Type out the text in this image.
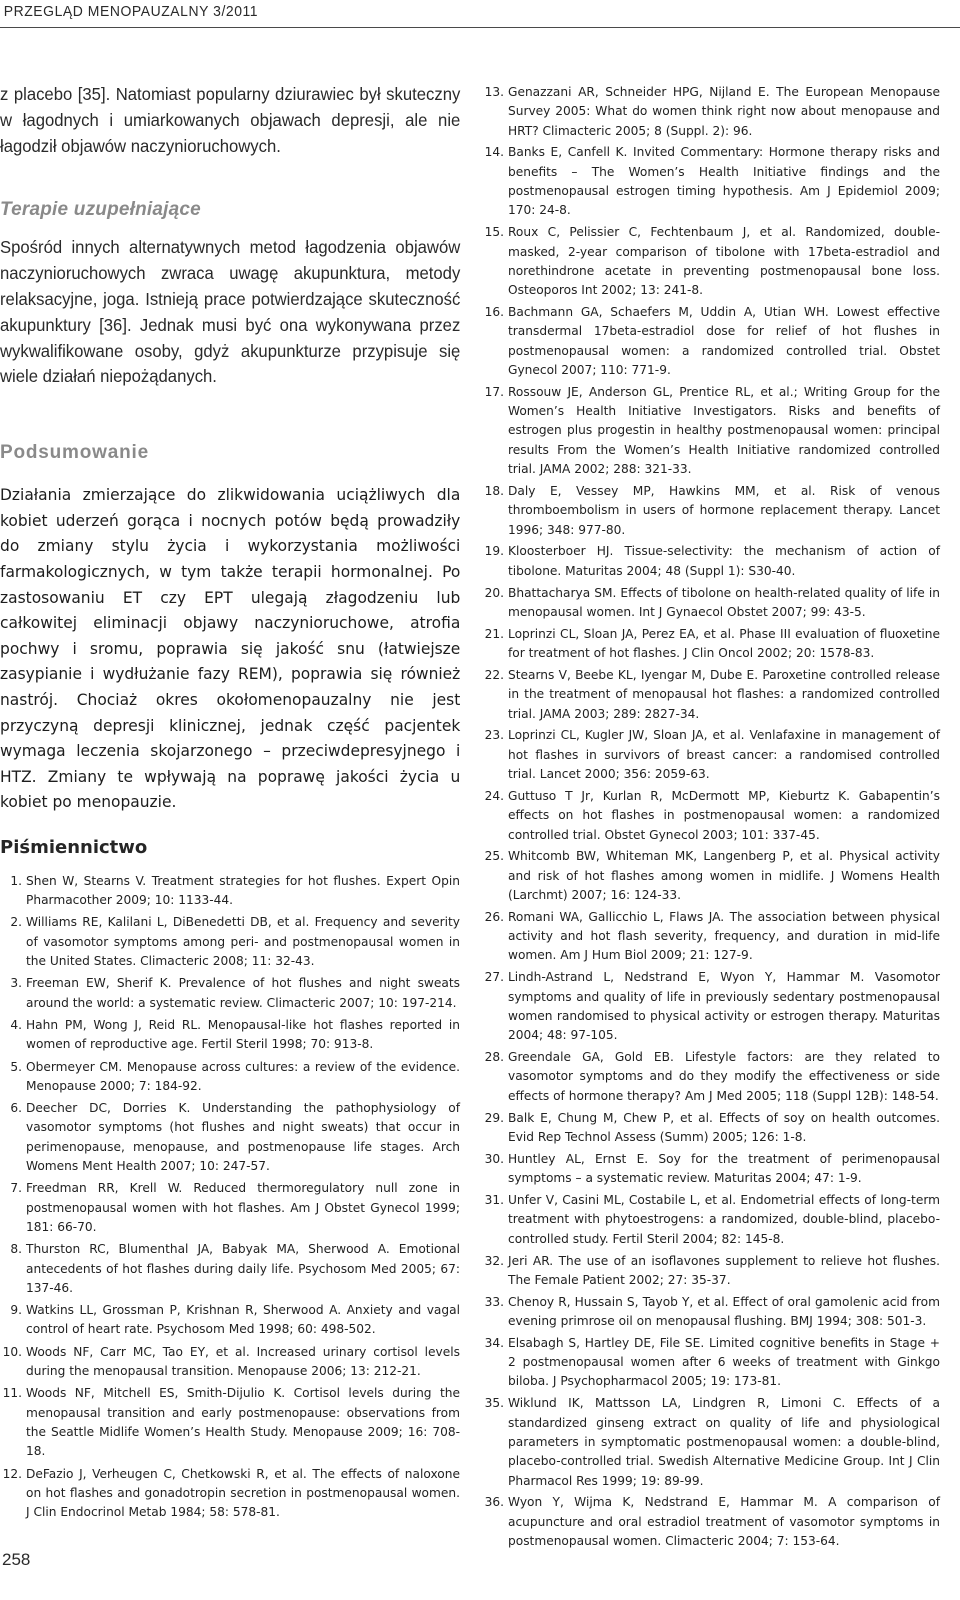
PRZEGLĄD MENOPAUZALNY 3/2011

z placebo [35]. Natomiast popularny dziurawiec był skuteczny w łagodnych i umiarkowanych objawach depresji, ale nie łagodził objawów naczynioruchowych.

Terapie uzupełniające

Spośród innych alternatywnych metod łagodzenia objawów naczynioruchowych zwraca uwagę akupunktura, metody relaksacyjne, joga. Istnieją prace potwierdzające skuteczność akupunktury [36]. Jednak musi być ona wykonywana przez wykwalifikowane osoby, gdyż akupunkturze przypisuje się wiele działań niepożądanych.

Podsumowanie

Działania zmierzające do zlikwidowania uciążliwych dla kobiet uderzeń gorąca i nocnych potów będą prowadziły do zmiany stylu życia i wykorzystania możliwości farmakologicznych, w tym także terapii hormonalnej. Po zastosowaniu ET czy EPT ulegają złagodzeniu lub całkowitej eliminacji objawy naczynioruchowe, atrofia pochwy i sromu, poprawia się jakość snu (łatwiejsze zasypianie i wydłużanie fazy REM), poprawia się również nastrój. Chociaż okres okołomenopauzalny nie jest przyczyną depresji klinicznej, jednak część pacjentek wymaga leczenia skojarzonego – przeciwdepresyjnego i HTZ. Zmiany te wpływają na poprawę jakości życia u kobiet po menopauzie.

Piśmiennictwo
1. Shen W, Stearns V. Treatment strategies for hot flushes. Expert Opin Pharmacother 2009; 10: 1133-44.
2. Williams RE, Kalilani L, DiBenedetti DB, et al. Frequency and severity of vasomotor symptoms among peri- and postmenopausal women in the United States. Climacteric 2008; 11: 32-43.
3. Freeman EW, Sherif K. Prevalence of hot flushes and night sweats around the world: a systematic review. Climacteric 2007; 10: 197-214.
4. Hahn PM, Wong J, Reid RL. Menopausal-like hot flashes reported in women of reproductive age. Fertil Steril 1998; 70: 913-8.
5. Obermeyer CM. Menopause across cultures: a review of the evidence. Menopause 2000; 7: 184-92.
6. Deecher DC, Dorries K. Understanding the pathophysiology of vasomotor symptoms (hot flushes and night sweats) that occur in perimenopause, menopause, and postmenopause life stages. Arch Womens Ment Health 2007; 10: 247-57.
7. Freedman RR, Krell W. Reduced thermoregulatory null zone in postmenopausal women with hot flashes. Am J Obstet Gynecol 1999; 181: 66-70.
8. Thurston RC, Blumenthal JA, Babyak MA, Sherwood A. Emotional antecedents of hot flashes during daily life. Psychosom Med 2005; 67: 137-46.
9. Watkins LL, Grossman P, Krishnan R, Sherwood A. Anxiety and vagal control of heart rate. Psychosom Med 1998; 60: 498-502.
10. Woods NF, Carr MC, Tao EY, et al. Increased urinary cortisol levels during the menopausal transition. Menopause 2006; 13: 212-21.
11. Woods NF, Mitchell ES, Smith-Dijulio K. Cortisol levels during the menopausal transition and early postmenopause: observations from the Seattle Midlife Women’s Health Study. Menopause 2009; 16: 708-18.
12. DeFazio J, Verheugen C, Chetkowski R, et al. The effects of naloxone on hot flashes and gonadotropin secretion in postmenopausal women. J Clin Endocrinol Metab 1984; 58: 578-81.
13. Genazzani AR, Schneider HPG, Nijland E. The European Menopause Survey 2005: What do women think right now about menopause and HRT? Climacteric 2005; 8 (Suppl. 2): 96.
14. Banks E, Canfell K. Invited Commentary: Hormone therapy risks and benefits – The Women’s Health Initiative findings and the postmenopausal estrogen timing hypothesis. Am J Epidemiol 2009; 170: 24-8.
15. Roux C, Pelissier C, Fechtenbaum J, et al. Randomized, double-masked, 2-year comparison of tibolone with 17beta-estradiol and norethindrone acetate in preventing postmenopausal bone loss. Osteoporos Int 2002; 13: 241-8.
16. Bachmann GA, Schaefers M, Uddin A, Utian WH. Lowest effective transdermal 17beta-estradiol dose for relief of hot flushes in postmenopausal women: a randomized controlled trial. Obstet Gynecol 2007; 110: 771-9.
17. Rossouw JE, Anderson GL, Prentice RL, et al.; Writing Group for the Women’s Health Initiative Investigators. Risks and benefits of estrogen plus progestin in healthy postmenopausal women: principal results From the Women’s Health Initiative randomized controlled trial. JAMA 2002; 288: 321-33.
18. Daly E, Vessey MP, Hawkins MM, et al. Risk of venous thromboembolism in users of hormone replacement therapy. Lancet 1996; 348: 977-80.
19. Kloosterboer HJ. Tissue-selectivity: the mechanism of action of tibolone. Maturitas 2004; 48 (Suppl 1): S30-40.
20. Bhattacharya SM. Effects of tibolone on health-related quality of life in menopausal women. Int J Gynaecol Obstet 2007; 99: 43-5.
21. Loprinzi CL, Sloan JA, Perez EA, et al. Phase III evaluation of fluoxetine for treatment of hot flashes. J Clin Oncol 2002; 20: 1578-83.
22. Stearns V, Beebe KL, Iyengar M, Dube E. Paroxetine controlled release in the treatment of menopausal hot flashes: a randomized controlled trial. JAMA 2003; 289: 2827-34.
23. Loprinzi CL, Kugler JW, Sloan JA, et al. Venlafaxine in management of hot flashes in survivors of breast cancer: a randomised controlled trial. Lancet 2000; 356: 2059-63.
24. Guttuso T Jr, Kurlan R, McDermott MP, Kieburtz K. Gabapentin’s effects on hot flashes in postmenopausal women: a randomized controlled trial. Obstet Gynecol 2003; 101: 337-45.
25. Whitcomb BW, Whiteman MK, Langenberg P, et al. Physical activity and risk of hot flashes among women in midlife. J Womens Health (Larchmt) 2007; 16: 124-33.
26. Romani WA, Gallicchio L, Flaws JA. The association between physical activity and hot flash severity, frequency, and duration in mid-life women. Am J Hum Biol 2009; 21: 127-9.
27. Lindh-Astrand L, Nedstrand E, Wyon Y, Hammar M. Vasomotor symptoms and quality of life in previously sedentary postmenopausal women randomised to physical activity or estrogen therapy. Maturitas 2004; 48: 97-105.
28. Greendale GA, Gold EB. Lifestyle factors: are they related to vasomotor symptoms and do they modify the effectiveness or side effects of hormone therapy? Am J Med 2005; 118 (Suppl 12B): 148-54.
29. Balk E, Chung M, Chew P, et al. Effects of soy on health outcomes. Evid Rep Technol Assess (Summ) 2005; 126: 1-8.
30. Huntley AL, Ernst E. Soy for the treatment of perimenopausal symptoms – a systematic review. Maturitas 2004; 47: 1-9.
31. Unfer V, Casini ML, Costabile L, et al. Endometrial effects of long-term treatment with phytoestrogens: a randomized, double-blind, placebo-controlled study. Fertil Steril 2004; 82: 145-8.
32. Jeri AR. The use of an isoflavones supplement to relieve hot flushes. The Female Patient 2002; 27: 35-37.
33. Chenoy R, Hussain S, Tayob Y, et al. Effect of oral gamolenic acid from evening primrose oil on menopausal flushing. BMJ 1994; 308: 501-3.
34. Elsabagh S, Hartley DE, File SE. Limited cognitive benefits in Stage + 2 postmenopausal women after 6 weeks of treatment with Ginkgo biloba. J Psychopharmacol 2005; 19: 173-81.
35. Wiklund IK, Mattsson LA, Lindgren R, Limoni C. Effects of a standardized ginseng extract on quality of life and physiological parameters in symptomatic postmenopausal women: a double-blind, placebo-controlled trial. Swedish Alternative Medicine Group. Int J Clin Pharmacol Res 1999; 19: 89-99.
36. Wyon Y, Wijma K, Nedstrand E, Hammar M. A comparison of acupuncture and oral estradiol treatment of vasomotor symptoms in postmenopausal women. Climacteric 2004; 7: 153-64.
258
